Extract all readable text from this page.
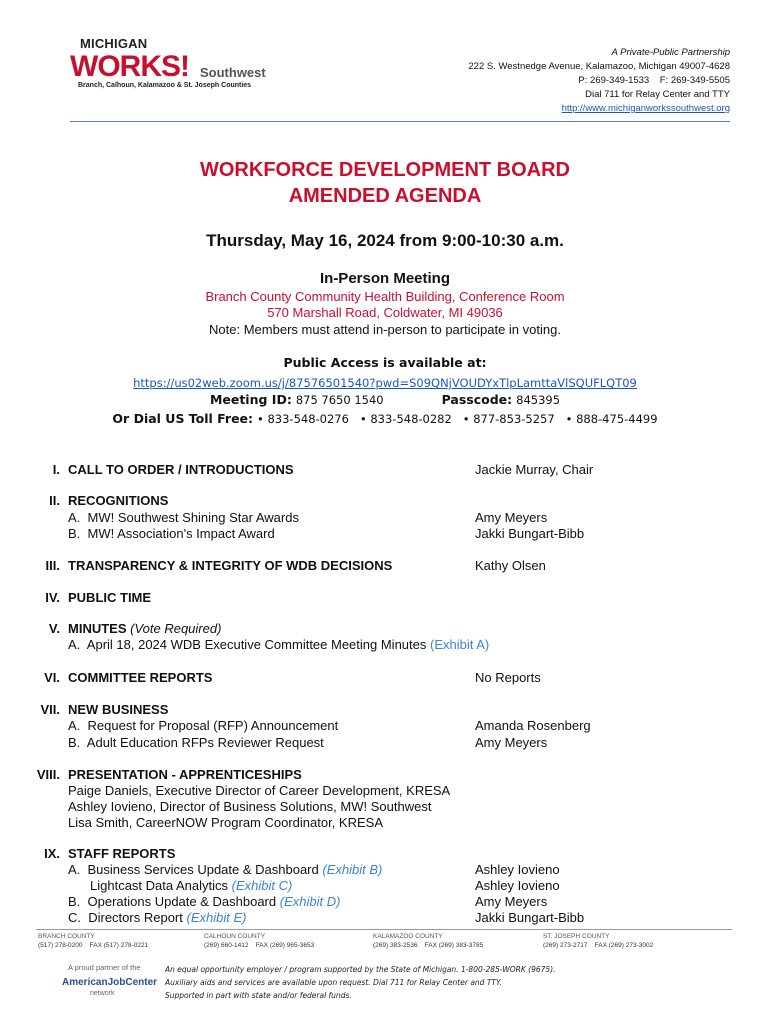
MICHIGAN
WORKS! Southwest
Branch, Calhoun, Kalamazoo & St. Joseph Counties
A Private-Public Partnership
222 S. Westnedge Avenue, Kalamazoo, Michigan 49007-4628
P: 269-349-1533    F: 269-349-5505
Dial 711 for Relay Center and TTY
http://www.michiganworkssouthwest.org
WORKFORCE DEVELOPMENT BOARD
AMENDED AGENDA
Thursday, May 16, 2024 from 9:00-10:30 a.m.
In-Person Meeting
Branch County Community Health Building, Conference Room
570 Marshall Road, Coldwater, MI 49036
Note: Members must attend in-person to participate in voting.
Public Access is available at:
https://us02web.zoom.us/j/87576501540?pwd=S09QNjVOUDYxTlpLamttaVlSQUFLQT09
Meeting ID: 875 7650 1540	Passcode: 845395
Or Dial US Toll Free: • 833-548-0276   • 833-548-0282   • 877-853-5257   • 888-475-4499
I. CALL TO ORDER / INTRODUCTIONS	Jackie Murray, Chair
II. RECOGNITIONS
A.  MW! Southwest Shining Star Awards	Amy Meyers
B.  MW! Association's Impact Award	Jakki Bungart-Bibb
III. TRANSPARENCY & INTEGRITY OF WDB DECISIONS	Kathy Olsen
IV. PUBLIC TIME
V. MINUTES (Vote Required)
A.  April 18, 2024 WDB Executive Committee Meeting Minutes (Exhibit A)
VI. COMMITTEE REPORTS	No Reports
VII. NEW BUSINESS
A.  Request for Proposal (RFP) Announcement	Amanda Rosenberg
B.  Adult Education RFPs Reviewer Request	Amy Meyers
VIII. PRESENTATION - APPRENTICESHIPS
Paige Daniels, Executive Director of Career Development, KRESA
Ashley Iovieno, Director of Business Solutions, MW! Southwest
Lisa Smith, CareerNOW Program Coordinator, KRESA
IX. STAFF REPORTS
A.  Business Services Update & Dashboard (Exhibit B)	Ashley Iovieno
Lightcast Data Analytics (Exhibit C)	Ashley Iovieno
B.  Operations Update & Dashboard (Exhibit D)	Amy Meyers
C.  Directors Report (Exhibit E)	Jakki Bungart-Bibb
BRANCH COUNTY
(517) 278-0200    FAX (517) 278-0221
CALHOUN COUNTY
(269) 660-1412    FAX (269) 965-3653
KALAMAZOO COUNTY
(269) 383-2536    FAX (269) 383-3785
ST. JOSEPH COUNTY
(269) 273-2717    FAX (269) 273-3002
A proud partner of the
AmericanJobCenter
network
An equal opportunity employer / program supported by the State of Michigan. 1-800-285-WORK (9675).
Auxiliary aids and services are available upon request. Dial 711 for Relay Center and TTY.
Supported in part with state and/or federal funds.
